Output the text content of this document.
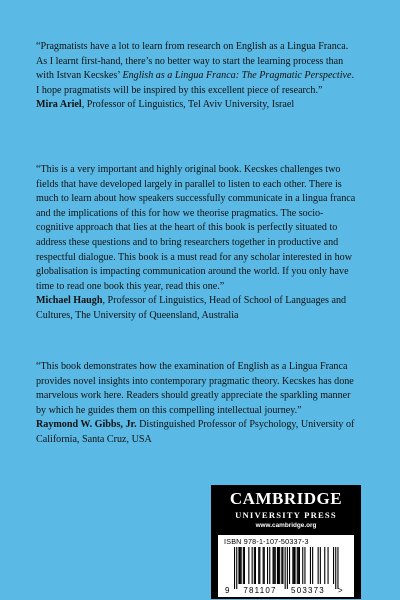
“Pragmatists have a lot to learn from research on English as a Lingua Franca. As I learnt first-hand, there’s no better way to start the learning process than with Istvan Kecskes’ English as a Lingua Franca: The Pragmatic Perspective. I hope pragmatists will be inspired by this excellent piece of research.”

Mira Ariel, Professor of Linguistics, Tel Aviv University, Israel

“This is a very important and highly original book. Kecskes challenges two fields that have developed largely in parallel to listen to each other. There is much to learn about how speakers successfully communicate in a lingua franca and the implications of this for how we theorise pragmatics. The socio-cognitive approach that lies at the heart of this book is perfectly situated to address these questions and to bring researchers together in productive and respectful dialogue. This book is a must read for any scholar interested in how globalisation is impacting communication around the world. If you only have time to read one book this year, read this one.”

Michael Haugh, Professor of Linguistics, Head of School of Languages and Cultures, The University of Queensland, Australia

“This book demonstrates how the examination of English as a Lingua Franca provides novel insights into contemporary pragmatic theory. Kecskes has done marvelous work here. Readers should greatly appreciate the sparkling manner by which he guides them on this compelling intellectual journey.”

Raymond W. Gibbs, Jr. Distinguished Professor of Psychology, University of California, Santa Cruz, USA

CAMBRIDGE
UNIVERSITY PRESS
www.cambridge.org
ISBN 978-1-107-50337-3
9 781107 503373 >
